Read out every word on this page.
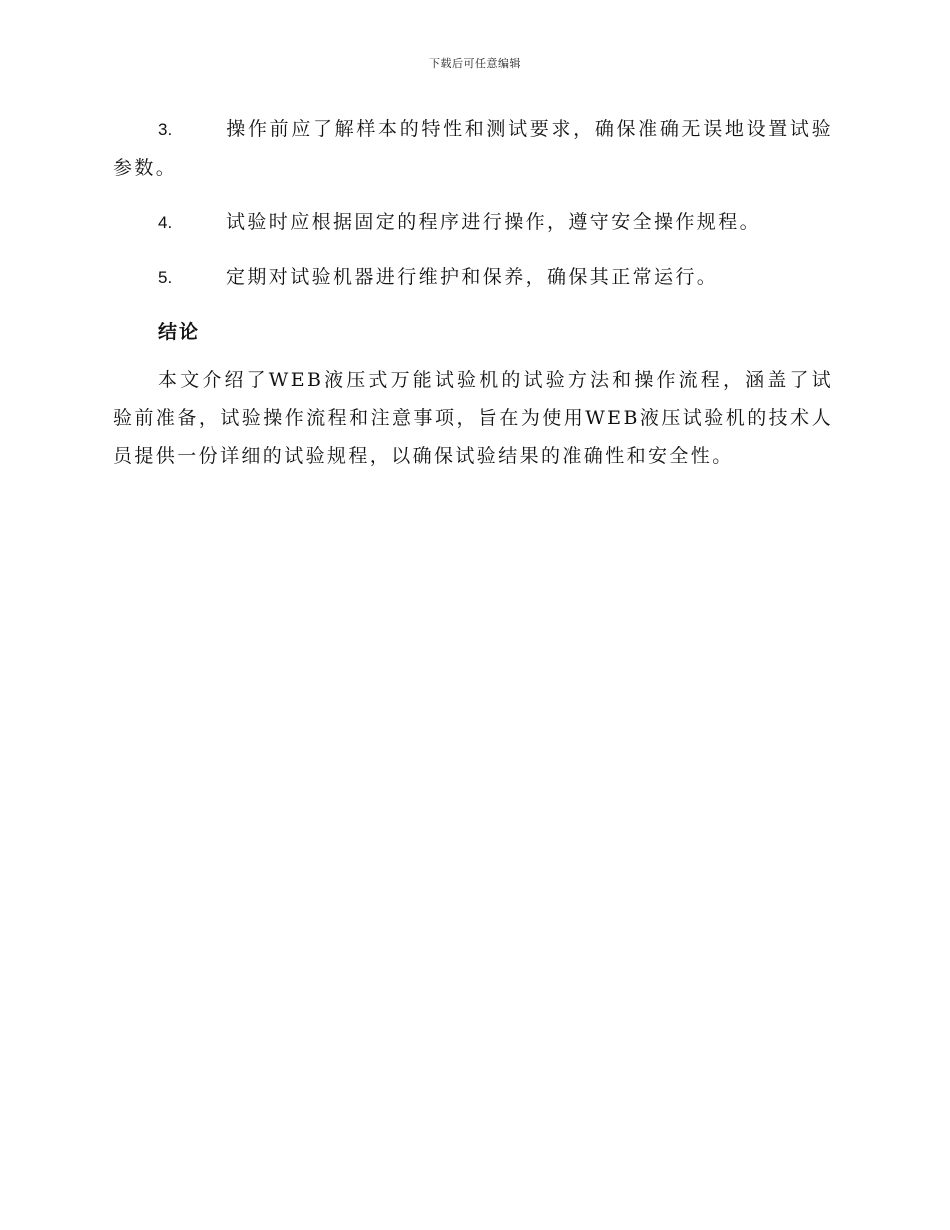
下载后可任意编辑

3.	操作前应了解样本的特性和测试要求，确保准确无误地设置试验参数。

4.	试验时应根据固定的程序进行操作，遵守安全操作规程。

5.	定期对试验机器进行维护和保养，确保其正常运行。

结论

本文介绍了WEB液压式万能试验机的试验方法和操作流程，涵盖了试验前准备，试验操作流程和注意事项，旨在为使用WEB液压试验机的技术人员提供一份详细的试验规程，以确保试验结果的准确性和安全性。
